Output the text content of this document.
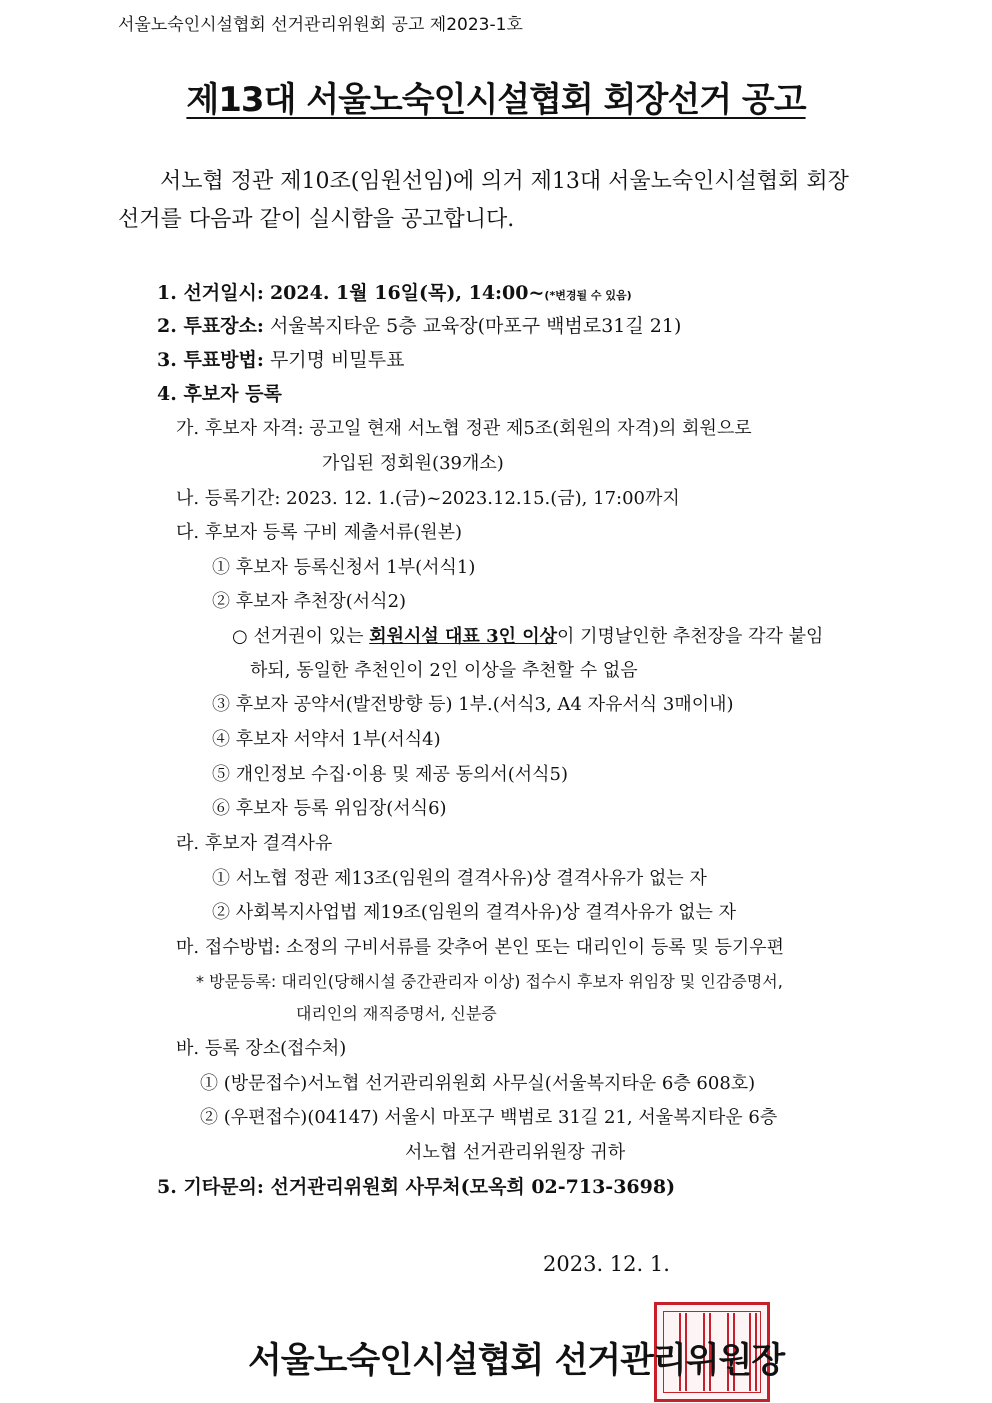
서울노숙인시설협회 선거관리위원회 공고 제2023-1호
제13대 서울노숙인시설협회 회장선거 공고
서노협 정관 제10조(임원선임)에 의거 제13대 서울노숙인시설협회 회장
선거를 다음과 같이 실시함을 공고합니다.
1. 선거일시: 2024. 1월 16일(목), 14:00~(*변경될 수 있음)
2. 투표장소: 서울복지타운 5층 교육장(마포구 백범로31길 21)
3. 투표방법: 무기명 비밀투표
4. 후보자 등록
가. 후보자 자격: 공고일 현재 서노협 정관 제5조(회원의 자격)의 회원으로
가입된 정회원(39개소)
나. 등록기간: 2023. 12. 1.(금)~2023.12.15.(금), 17:00까지
다. 후보자 등록 구비 제출서류(원본)
① 후보자 등록신청서 1부(서식1)
② 후보자 추천장(서식2)
○ 선거권이 있는 회원시설 대표 3인 이상이 기명날인한 추천장을 각각 붙임
하되, 동일한 추천인이 2인 이상을 추천할 수 없음
③ 후보자 공약서(발전방향 등) 1부.(서식3, A4 자유서식 3매이내)
④ 후보자 서약서 1부(서식4)
⑤ 개인정보 수집·이용 및 제공 동의서(서식5)
⑥ 후보자 등록 위임장(서식6)
라. 후보자 결격사유
① 서노협 정관 제13조(임원의 결격사유)상 결격사유가 없는 자
② 사회복지사업법 제19조(임원의 결격사유)상 결격사유가 없는 자
마. 접수방법: 소정의 구비서류를 갖추어 본인 또는 대리인이 등록 및 등기우편
* 방문등록: 대리인(당해시설 중간관리자 이상) 접수시 후보자 위임장 및 인감증명서,
대리인의 재직증명서, 신분증
바. 등록 장소(접수처)
① (방문접수)서노협 선거관리위원회 사무실(서울복지타운 6층 608호)
② (우편접수)(04147) 서울시 마포구 백범로 31길 21, 서울복지타운 6층
서노협 선거관리위원장 귀하
5. 기타문의: 선거관리위원회 사무처(모옥희 02-713-3698)
2023. 12. 1.
서울노숙인시설협회 선거관리위원장
